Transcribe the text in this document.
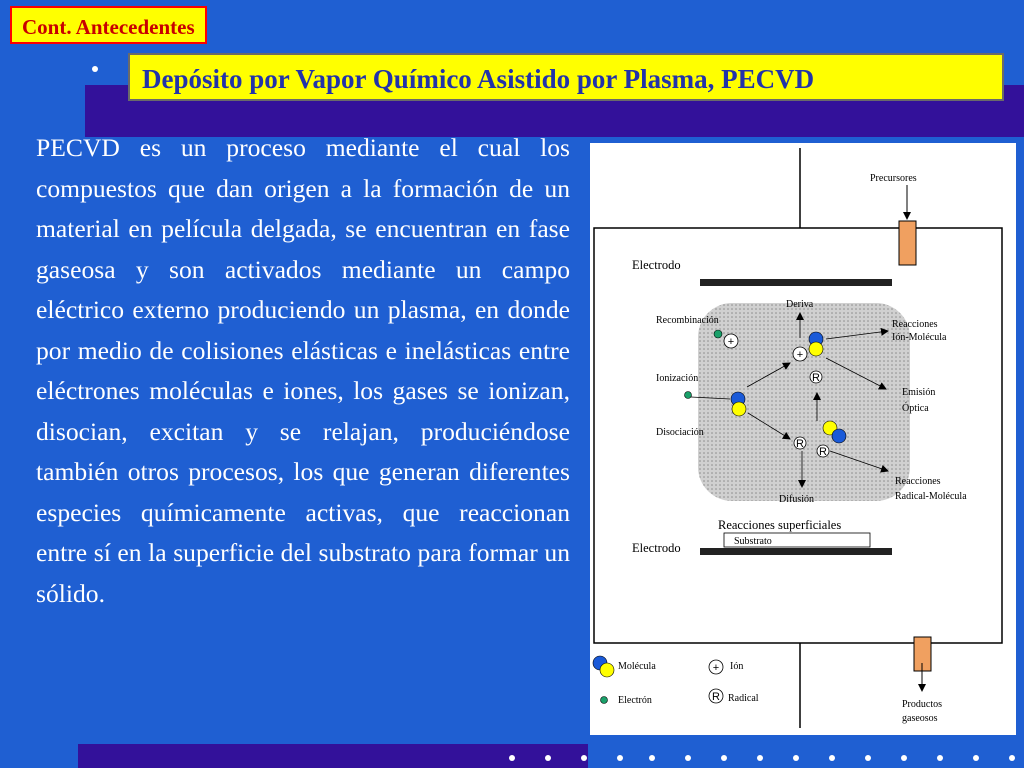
Cont. Antecedentes
Depósito por Vapor Químico Asistido por Plasma, PECVD
PECVD es un proceso mediante el cual los compuestos que dan origen a la formación de un material en película delgada, se encuentran en fase gaseosa y son activados mediante un campo eléctrico externo produciendo un plasma, en donde por medio de colisiones elásticas e inelásticas entre eléctrones moléculas e iones, los gases se ionizan, disocian, excitan y se relajan, produciéndose también otros procesos, los que generan diferentes especies químicamente activas, que reaccionan entre sí en la superficie del substrato para formar un sólido.
Precursores
Electrodo
Deriva
Recombinación	Reacciones
Ión-Molécula
Ionización
Emisión
Óptica
Disociación
Reacciones
Radical-Molécula
Difusión
+
+
R
R
R
Reacciones superficiales
Substrato
Electrodo
Productos
gaseosos
Molécula	+ Ión
Electrón	R Radical
